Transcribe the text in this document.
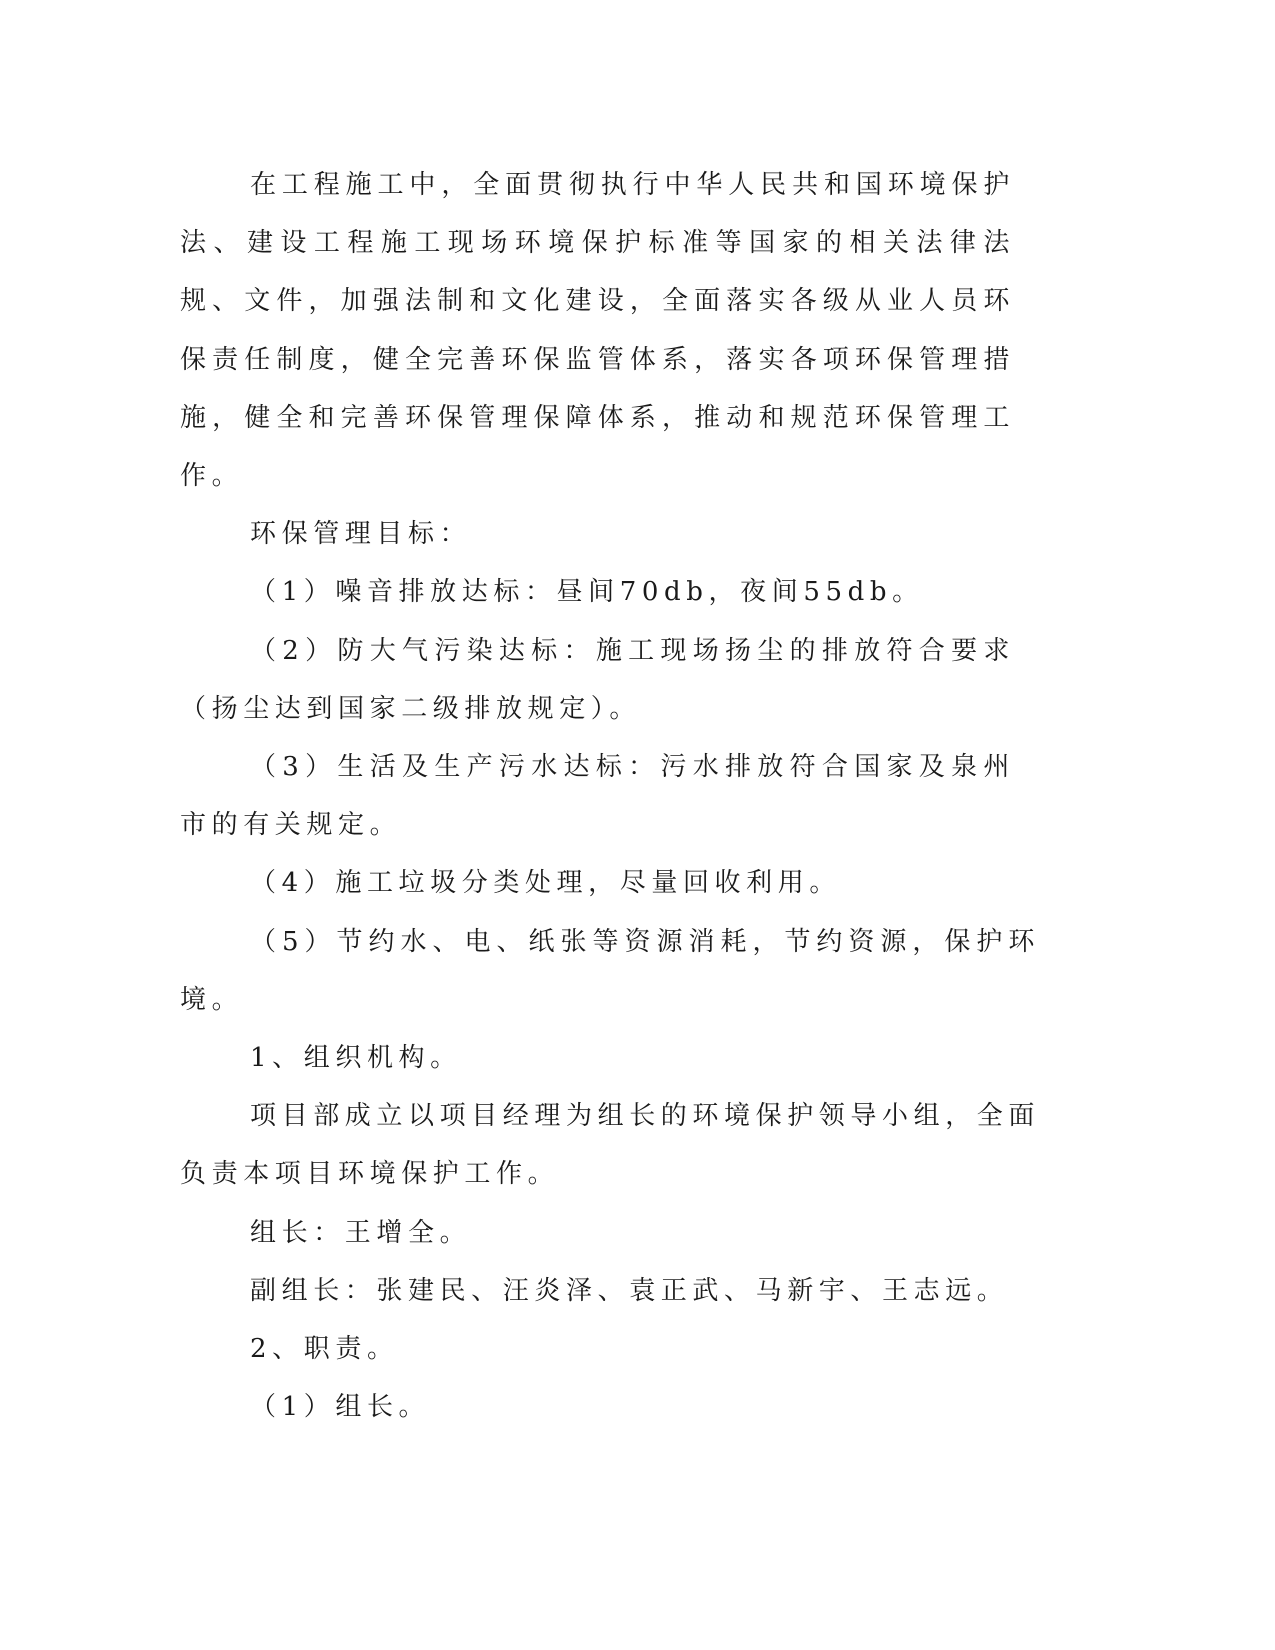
在工程施工中，全面贯彻执行中华人民共和国环境保护法、建设工程施工现场环境保护标准等国家的相关法律法规、文件，加强法制和文化建设，全面落实各级从业人员环保责任制度，健全完善环保监管体系，落实各项环保管理措施，健全和完善环保管理保障体系，推动和规范环保管理工作。

环保管理目标：

（1）噪音排放达标：昼间70db，夜间55db。

（2）防大气污染达标：施工现场扬尘的排放符合要求（扬尘达到国家二级排放规定）。

（3）生活及生产污水达标：污水排放符合国家及泉州市的有关规定。

（4）施工垃圾分类处理，尽量回收利用。

（5）节约水、电、纸张等资源消耗，节约资源，保护环境。

1、组织机构。

项目部成立以项目经理为组长的环境保护领导小组，全面负责本项目环境保护工作。

组长：王增全。

副组长：张建民、汪炎泽、袁正武、马新宇、王志远。

2、职责。

（1）组长。
